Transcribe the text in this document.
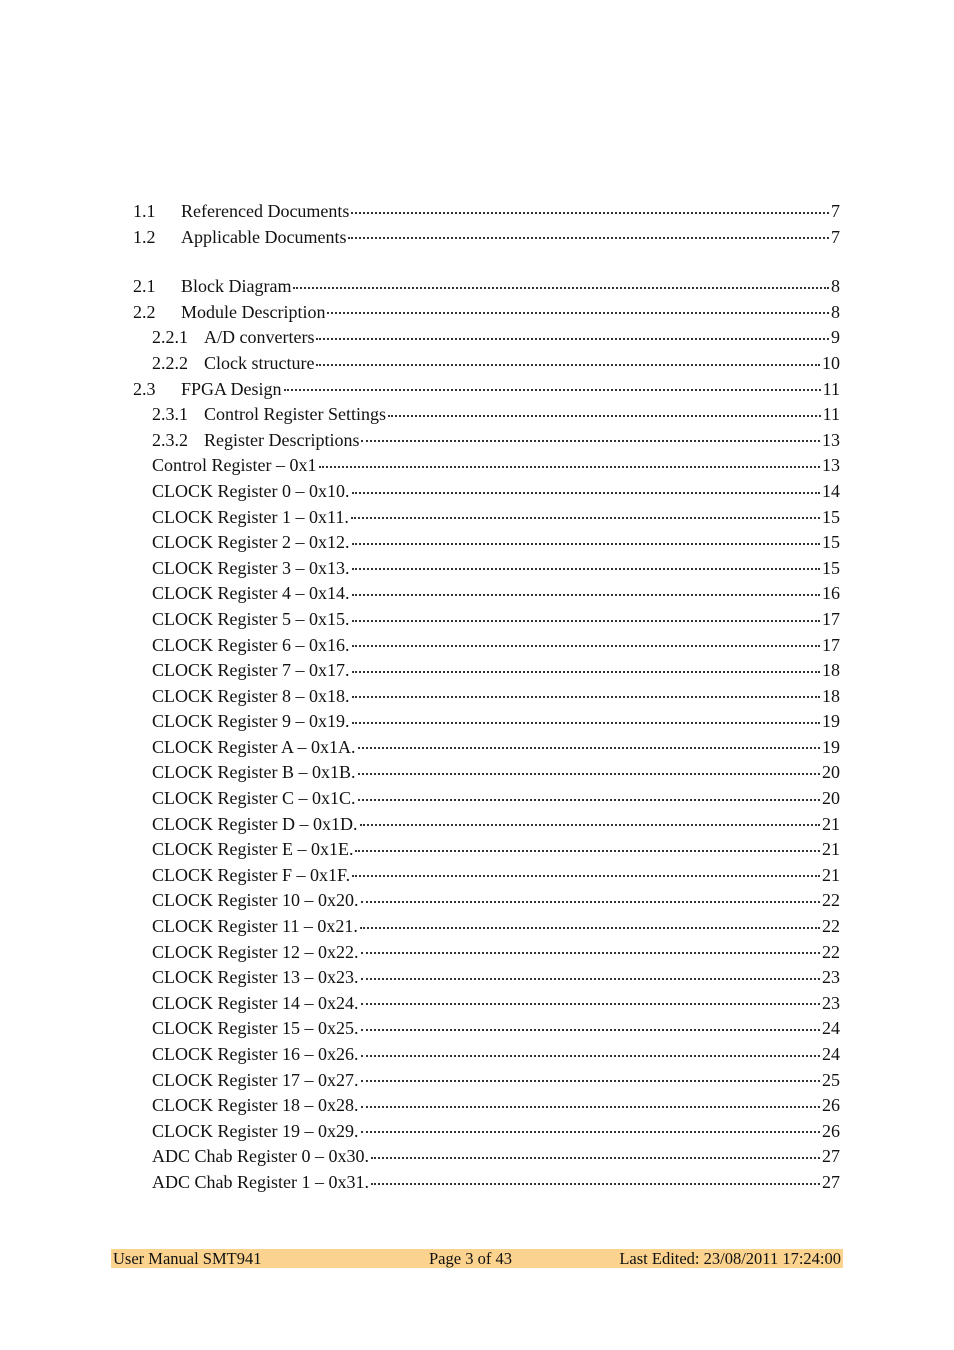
1.1	Referenced Documents	7
1.2	Applicable Documents	7
2.1	Block Diagram	8
2.2	Module Description	8
2.2.1 A/D converters	9
2.2.2 Clock structure	10
2.3	FPGA Design	11
2.3.1 Control Register Settings	11
2.3.2 Register Descriptions	13
Control Register – 0x1	13
CLOCK Register 0 – 0x10.	14
CLOCK Register 1 – 0x11.	15
CLOCK Register 2 – 0x12.	15
CLOCK Register 3 – 0x13.	15
CLOCK Register 4 – 0x14.	16
CLOCK Register 5 – 0x15.	17
CLOCK Register 6 – 0x16.	17
CLOCK Register 7 – 0x17.	18
CLOCK Register 8 – 0x18.	18
CLOCK Register 9 – 0x19.	19
CLOCK Register A – 0x1A.	19
CLOCK Register B – 0x1B.	20
CLOCK Register C – 0x1C.	20
CLOCK Register D – 0x1D.	21
CLOCK Register E – 0x1E.	21
CLOCK Register F – 0x1F.	21
CLOCK Register 10 – 0x20.	22
CLOCK Register 11 – 0x21.	22
CLOCK Register 12 – 0x22.	22
CLOCK Register 13 – 0x23.	23
CLOCK Register 14 – 0x24.	23
CLOCK Register 15 – 0x25.	24
CLOCK Register 16 – 0x26.	24
CLOCK Register 17 – 0x27.	25
CLOCK Register 18 – 0x28.	26
CLOCK Register 19 – 0x29.	26
ADC Chab Register 0 – 0x30.	27
ADC Chab Register 1 – 0x31.	27
User Manual SMT941	Page 3 of 43	Last Edited: 23/08/2011 17:24:00
